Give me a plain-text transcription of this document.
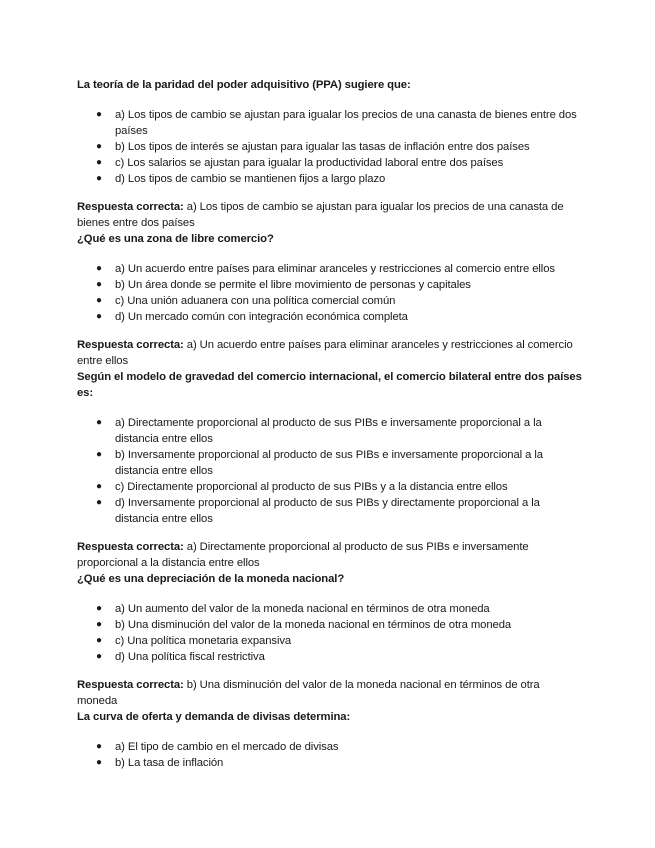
La teoría de la paridad del poder adquisitivo (PPA) sugiere que:

● a) Los tipos de cambio se ajustan para igualar los precios de una canasta de bienes entre dos países
● b) Los tipos de interés se ajustan para igualar las tasas de inflación entre dos países
● c) Los salarios se ajustan para igualar la productividad laboral entre dos países
● d) Los tipos de cambio se mantienen fijos a largo plazo

Respuesta correcta: a) Los tipos de cambio se ajustan para igualar los precios de una canasta de bienes entre dos países

¿Qué es una zona de libre comercio?

● a) Un acuerdo entre países para eliminar aranceles y restricciones al comercio entre ellos
● b) Un área donde se permite el libre movimiento de personas y capitales
● c) Una unión aduanera con una política comercial común
● d) Un mercado común con integración económica completa

Respuesta correcta: a) Un acuerdo entre países para eliminar aranceles y restricciones al comercio entre ellos

Según el modelo de gravedad del comercio internacional, el comercio bilateral entre dos países es:

● a) Directamente proporcional al producto de sus PIBs e inversamente proporcional a la distancia entre ellos
● b) Inversamente proporcional al producto de sus PIBs e inversamente proporcional a la distancia entre ellos
● c) Directamente proporcional al producto de sus PIBs y a la distancia entre ellos
● d) Inversamente proporcional al producto de sus PIBs y directamente proporcional a la distancia entre ellos

Respuesta correcta: a) Directamente proporcional al producto de sus PIBs e inversamente proporcional a la distancia entre ellos

¿Qué es una depreciación de la moneda nacional?

● a) Un aumento del valor de la moneda nacional en términos de otra moneda
● b) Una disminución del valor de la moneda nacional en términos de otra moneda
● c) Una política monetaria expansiva
● d) Una política fiscal restrictiva

Respuesta correcta: b) Una disminución del valor de la moneda nacional en términos de otra moneda

La curva de oferta y demanda de divisas determina:

● a) El tipo de cambio en el mercado de divisas
● b) La tasa de inflación
